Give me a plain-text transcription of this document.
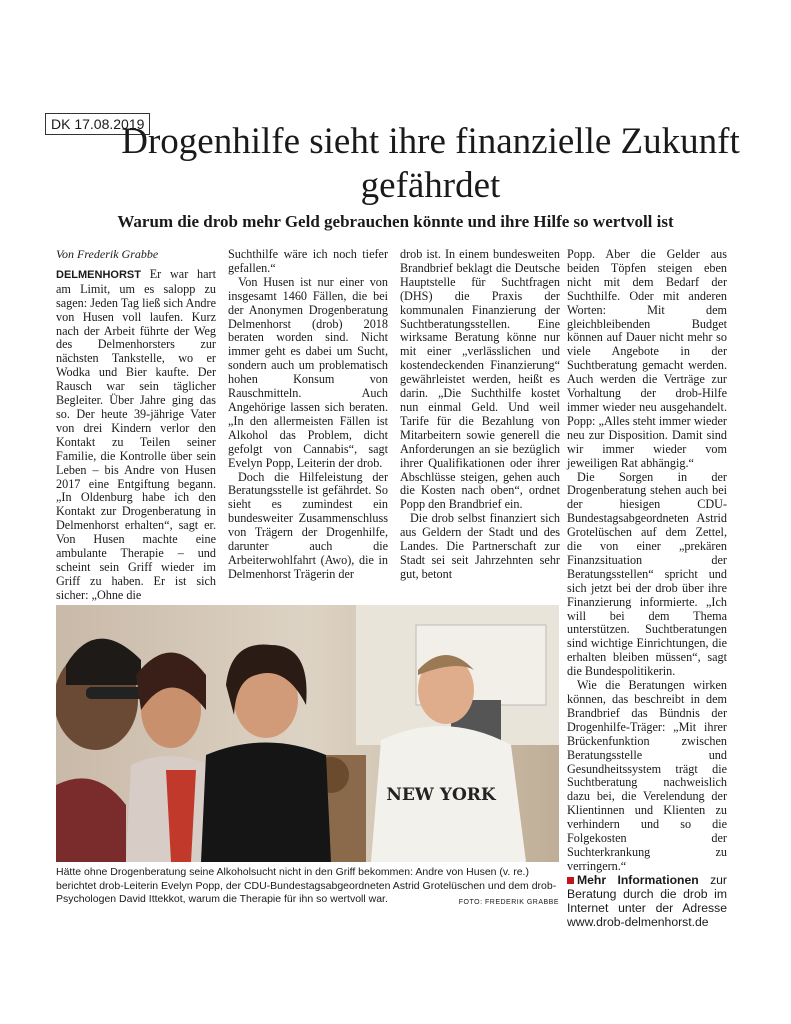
DK 17.08.2019
Drogenhilfe sieht ihre finanzielle Zukunft gefährdet
Warum die drob mehr Geld gebrauchen könnte und ihre Hilfe so wertvoll ist
Von Frederik Grabbe

DELMENHORST Er war hart am Limit, um es salopp zu sagen: Jeden Tag ließ sich Andre von Husen voll laufen. Kurz nach der Arbeit führte der Weg des Delmenhorsters zur nächsten Tankstelle, wo er Wodka und Bier kaufte. Der Rausch war sein täglicher Begleiter. Über Jahre ging das so. Der heute 39-jährige Vater von drei Kindern verlor den Kontakt zu Teilen seiner Familie, die Kontrolle über sein Leben – bis Andre von Husen 2017 eine Entgiftung begann. „In Oldenburg habe ich den Kontakt zur Drogenberatung in Delmenhorst erhalten“, sagt er. Von Husen machte eine ambulante Therapie – und scheint sein Griff wieder im Griff zu haben. Er ist sich sicher: „Ohne die

Suchthilfe wäre ich noch tiefer gefallen.“

Von Husen ist nur einer von insgesamt 1460 Fällen, die bei der Anonymen Drogenberatung Delmenhorst (drob) 2018 beraten worden sind. Nicht immer geht es dabei um Sucht, sondern auch um problematisch hohen Konsum von Rauschmitteln. Auch Angehörige lassen sich beraten. „In den allermeisten Fällen ist Alkohol das Problem, dicht gefolgt von Cannabis“, sagt Evelyn Popp, Leiterin der drob.

Doch die Hilfeleistung der Beratungsstelle ist gefährdet. So sieht es zumindest ein bundesweiter Zusammenschluss von Trägern der Drogenhilfe, darunter auch die Arbeiterwohlfahrt (Awo), die in Delmenhorst Trägerin der

drob ist. In einem bundesweiten Brandbrief beklagt die Deutsche Hauptstelle für Suchtfragen (DHS) die Praxis der kommunalen Finanzierung der Suchtberatungsstellen. Eine wirksame Beratung könne nur mit einer „verlässlichen und kostendeckenden Finanzierung“ gewährleistet werden, heißt es darin. „Die Suchthilfe kostet nun einmal Geld. Und weil Tarife für die Bezahlung von Mitarbeitern sowie generell die Anforderungen an sie bezüglich ihrer Qualifikationen oder ihrer Abschlüsse steigen, gehen auch die Kosten nach oben“, ordnet Popp den Brandbrief ein.

Die drob selbst finanziert sich aus Geldern der Stadt und des Landes. Die Partnerschaft zur Stadt sei seit Jahrzehnten sehr gut, betont

Popp. Aber die Gelder aus beiden Töpfen steigen eben nicht mit dem Bedarf der Suchthilfe. Oder mit anderen Worten: Mit dem gleichbleibenden Budget können auf Dauer nicht mehr so viele Angebote in der Suchtberatung gemacht werden. Auch werden die Verträge zur Vorhaltung der drob-Hilfe immer wieder neu ausgehandelt. Popp: „Alles steht immer wieder neu zur Disposition. Damit sind wir immer wieder vom jeweiligen Rat abhängig.“

Die Sorgen in der Drogenberatung stehen auch bei der hiesigen CDU-Bundestagsabgeordneten Astrid Grotelüschen auf dem Zettel, die von einer „prekären Finanzsituation der Beratungsstellen“ spricht und sich jetzt bei der drob über ihre Finanzierung informierte. „Ich will bei dem Thema unterstützen. Suchtberatungen sind wichtige Einrichtungen, die erhalten bleiben müssen“, sagt die Bundespolitikerin.

Wie die Beratungen wirken können, das beschreibt in dem Brandbrief das Bündnis der Drogenhilfe-Träger: „Mit ihrer Brückenfunktion zwischen Beratungsstelle und Gesundheitssystem trägt die Suchtberatung nachweislich dazu bei, die Verelendung der Klientinnen und Klienten zu verhindern und so die Folgekosten der Suchterkrankung zu verringern.“

Mehr Informationen zur Beratung durch die drob im Internet unter der Adresse www.drob-delmenhorst.de

NEW YORK
Hätte ohne Drogenberatung seine Alkoholsucht nicht in den Griff bekommen: Andre von Husen (v. re.) berichtet drob-Leiterin Evelyn Popp, der CDU-Bundestagsabgeordneten Astrid Grotelüschen und dem drob-Psychologen David Ittekkot, warum die Therapie für ihn so wertvoll war.	FOTO: FREDERIK GRABBE
